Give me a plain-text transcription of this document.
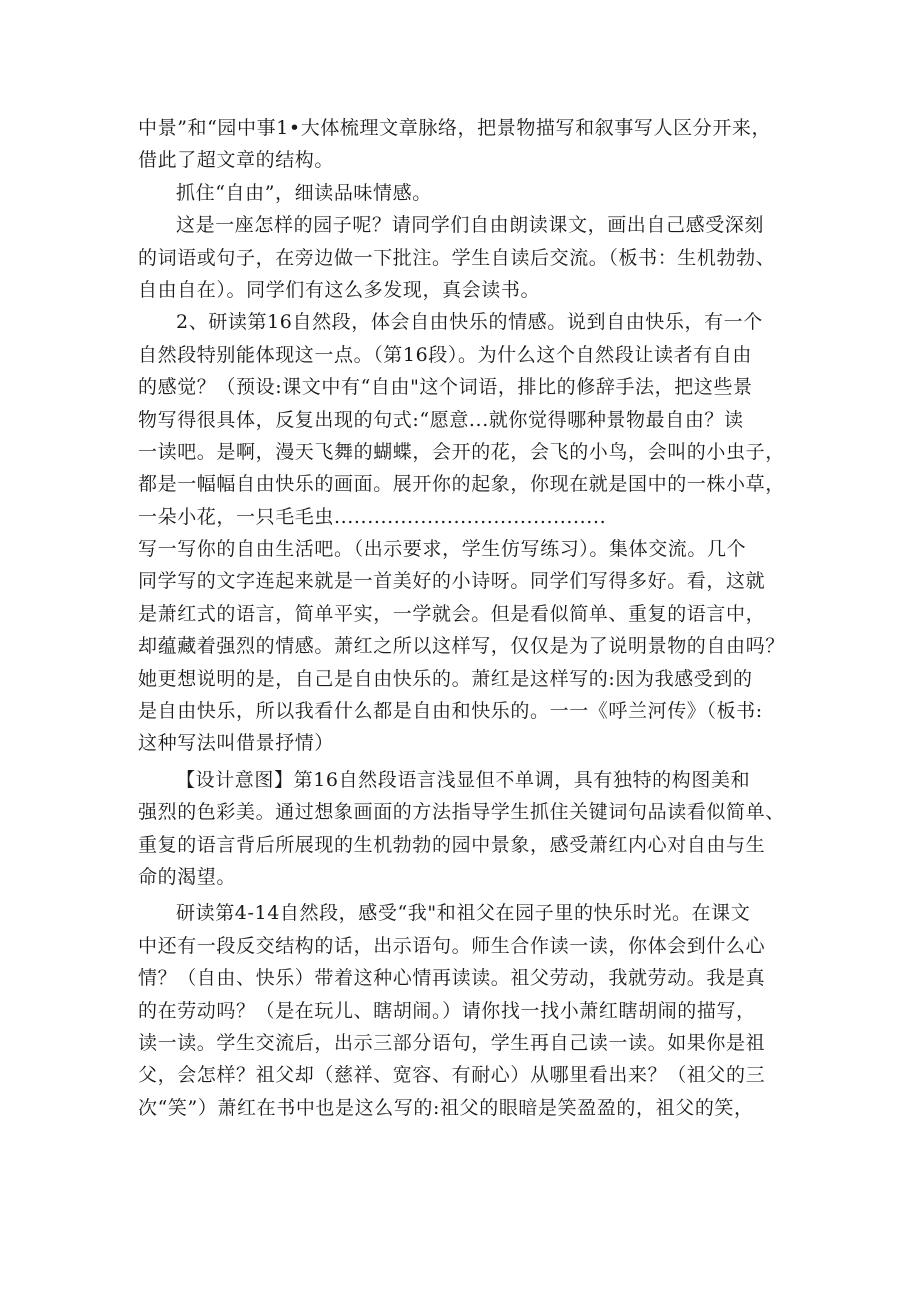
中景”和“园中事1•大体梳理文章脉络，把景物描写和叙事写人区分开来，
借此了超文章的结构。
抓住“自由”，细读品味情感。
这是一座怎样的园子呢？请同学们自由朗读课文，画出自己感受深刻
的词语或句子，在旁边做一下批注。学生自读后交流。（板书：生机勃勃、
自由自在）。同学们有这么多发现，真会读书。
2、研读第16自然段，体会自由快乐的情感。说到自由快乐，有一个
自然段特别能体现这一点。（第16段）。为什么这个自然段让读者有自由
的感觉？（预设:课文中有“自由"这个词语，排比的修辞手法，把这些景
物写得很具体，反复出现的句式:“愿意...就你觉得哪种景物最自由？读
一读吧。是啊，漫天飞舞的蝴蝶，会开的花，会飞的小鸟，会叫的小虫子，
都是一幅幅自由快乐的画面。展开你的起象，你现在就是国中的一株小草，
一朵小花，一只毛毛虫.........................................
写一写你的自由生活吧。（出示要求，学生仿写练习）。集体交流。几个
同学写的文字连起来就是一首美好的小诗呀。同学们写得多好。看，这就
是萧红式的语言，简单平实，一学就会。但是看似简单、重复的语言中，
却蕴藏着强烈的情感。萧红之所以这样写，仅仅是为了说明景物的自由吗？
她更想说明的是，自己是自由快乐的。萧红是这样写的:因为我感受到的
是自由快乐，所以我看什么都是自由和快乐的。一一《呼兰河传》（板书:
这种写法叫借景抒情）
【设计意图】第16自然段语言浅显但不单调，具有独特的构图美和
强烈的色彩美。通过想象画面的方法指导学生抓住关键词句品读看似简单、
重复的语言背后所展现的生机勃勃的园中景象，感受萧红内心对自由与生
命的渴望。
研读第4-14自然段，感受“我"和祖父在园子里的快乐时光。在课文
中还有一段反交结构的话，出示语句。师生合作读一读，你体会到什么心
情？（自由、快乐）带着这种心情再读读。祖父劳动，我就劳动。我是真
的在劳动吗？（是在玩儿、瞎胡闹。）请你找一找小萧红瞎胡闹的描写，
读一读。学生交流后，出示三部分语句，学生再自己读一读。如果你是祖
父，会怎样？祖父却（慈祥、宽容、有耐心）从哪里看出来？（祖父的三
次“笑”）萧红在书中也是这么写的:祖父的眼暗是笑盈盈的，祖父的笑，
